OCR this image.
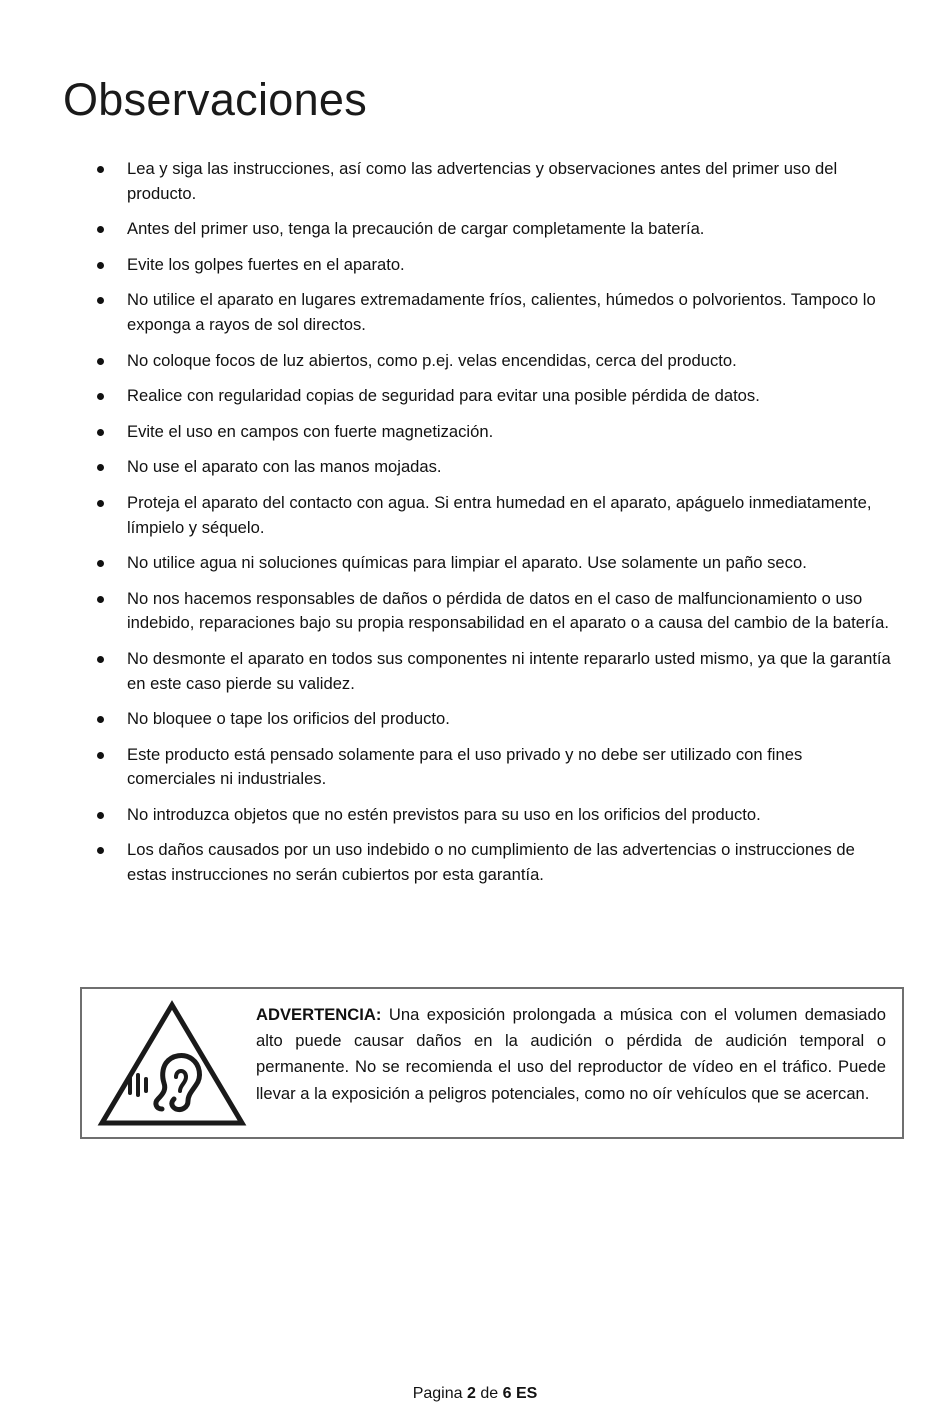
Observaciones
Lea y siga las instrucciones, así como las advertencias y observaciones antes del primer uso del producto.
Antes del primer uso, tenga la precaución de cargar completamente la batería.
Evite los golpes fuertes en el aparato.
No utilice el aparato en lugares extremadamente fríos, calientes, húmedos o polvorientos. Tampoco lo exponga a rayos de sol directos.
No coloque focos de luz abiertos, como p.ej. velas encendidas, cerca del producto.
Realice con regularidad copias de seguridad para evitar una posible pérdida de datos.
Evite el uso en campos con fuerte magnetización.
No use el aparato con las manos mojadas.
Proteja el aparato del contacto con agua. Si entra humedad en el aparato, apáguelo inmediatamente, límpielo y séquelo.
No utilice agua ni soluciones químicas para limpiar el aparato. Use solamente un paño seco.
No nos hacemos responsables de daños o pérdida de datos en el caso de malfuncionamiento o uso indebido, reparaciones bajo su propia responsabilidad en el aparato o a causa del cambio de la batería.
No desmonte el aparato en todos sus componentes ni intente repararlo usted mismo, ya que la garantía en este caso pierde su validez.
No bloquee o tape los orificios del producto.
Este producto está pensado solamente para el uso privado y no debe ser utilizado con fines comerciales ni industriales.
No introduzca objetos que no estén previstos para su uso en los orificios del producto.
Los daños causados por un uso indebido o no cumplimiento de las advertencias o instrucciones de estas instrucciones no serán cubiertos por esta garantía.

ADVERTENCIA: Una exposición prolongada a música con el volumen demasiado alto puede causar daños en la audición o pérdida de audición temporal o permanente. No se recomienda el uso del reproductor de vídeo en el tráfico. Puede llevar a la exposición a peligros potenciales, como no oír vehículos que se acercan.

Pagina 2 de 6 ES
